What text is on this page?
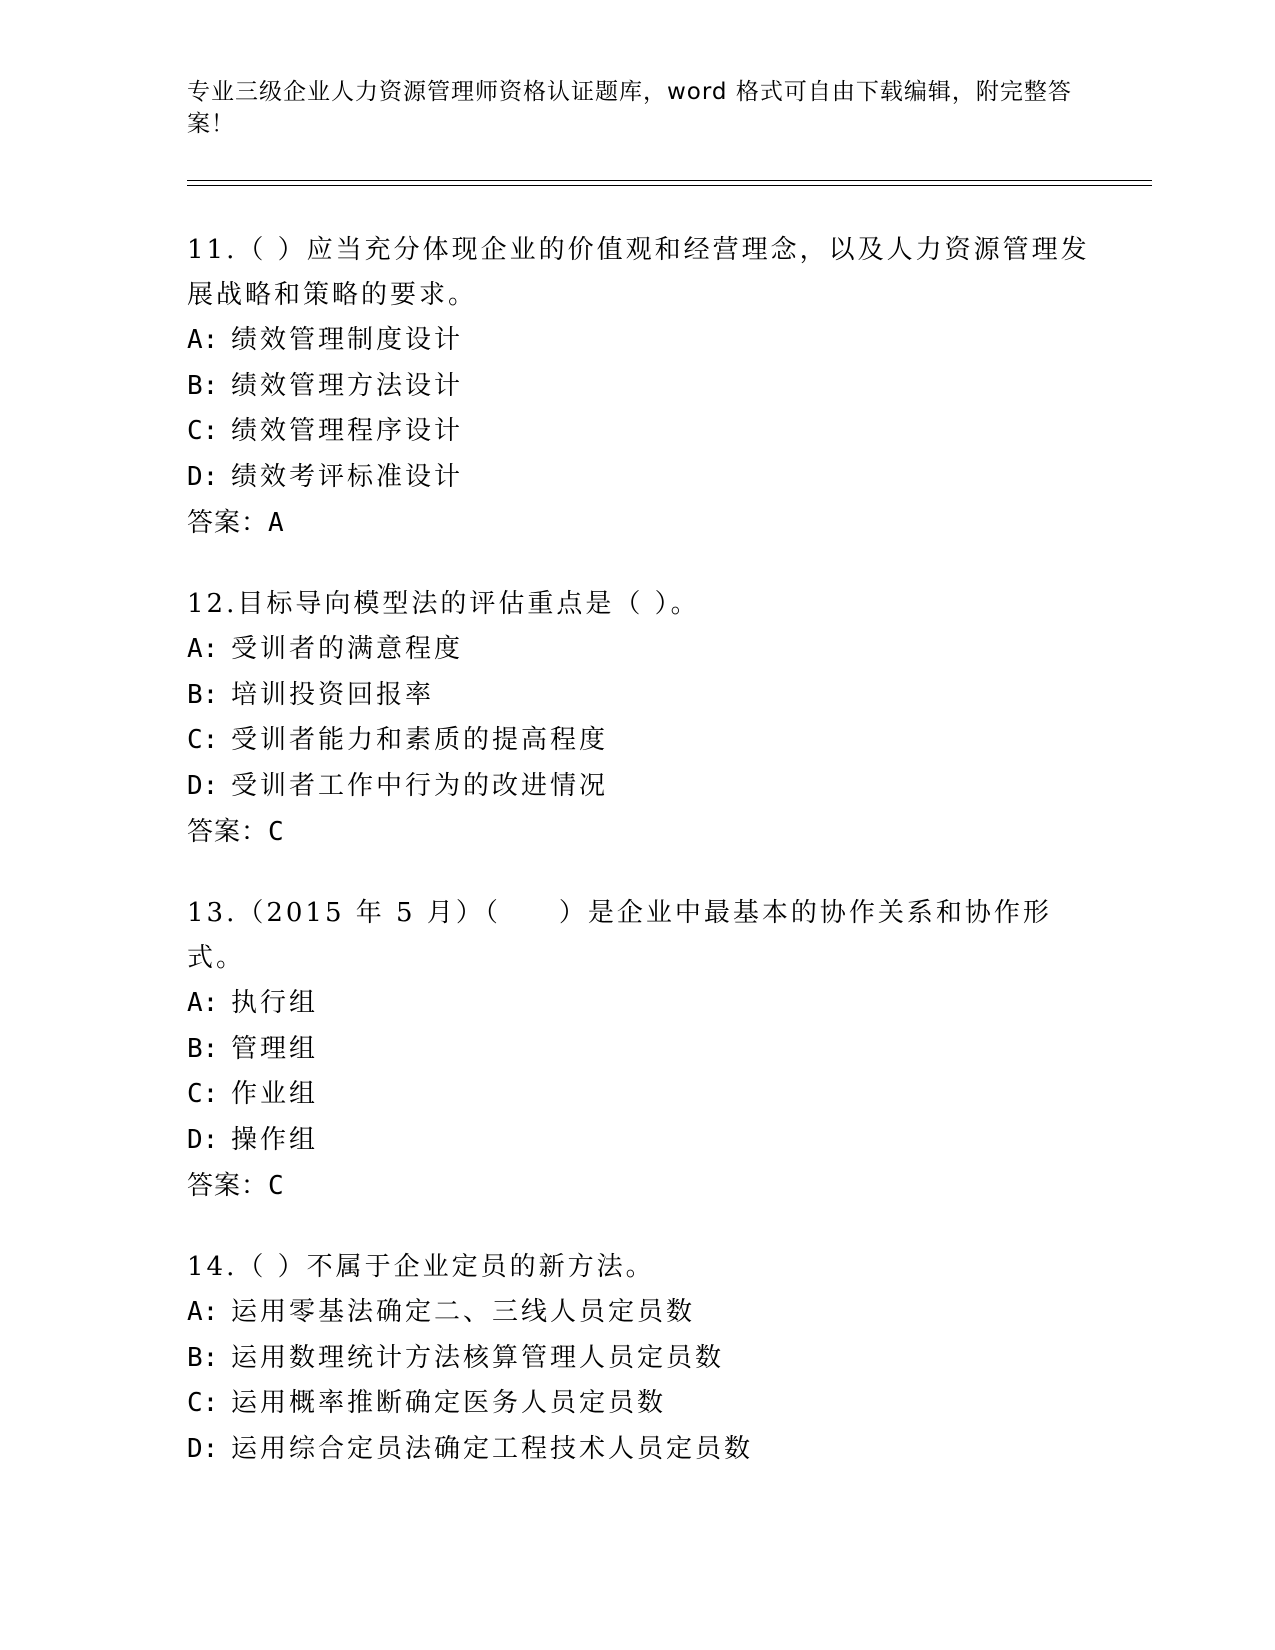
专业三级企业人力资源管理师资格认证题库，word 格式可自由下载编辑，附完整答案！

11.（ ）应当充分体现企业的价值观和经营理念，以及人力资源管理发展战略和策略的要求。

A: 绩效管理制度设计
B: 绩效管理方法设计
C: 绩效管理程序设计
D: 绩效考评标准设计
答案：A

12.目标导向模型法的评估重点是（ ）。

A: 受训者的满意程度
B: 培训投资回报率
C: 受训者能力和素质的提高程度
D: 受训者工作中行为的改进情况
答案：C

13.（2015 年 5 月）（　　）是企业中最基本的协作关系和协作形式。

A: 执行组
B: 管理组
C: 作业组
D: 操作组
答案：C

14.（ ）不属于企业定员的新方法。

A: 运用零基法确定二、三线人员定员数
B: 运用数理统计方法核算管理人员定员数
C: 运用概率推断确定医务人员定员数
D: 运用综合定员法确定工程技术人员定员数
